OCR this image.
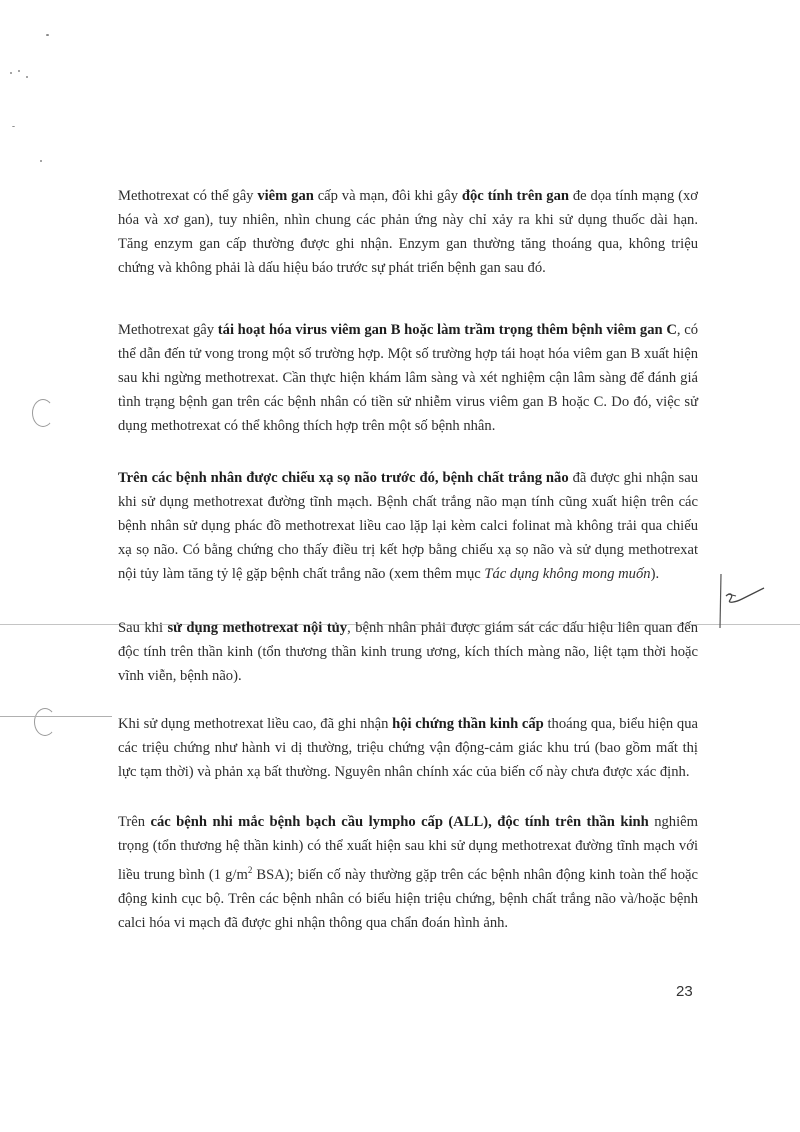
Methotrexat có thể gây viêm gan cấp và mạn, đôi khi gây độc tính trên gan đe dọa tính mạng (xơ hóa và xơ gan), tuy nhiên, nhìn chung các phản ứng này chỉ xảy ra khi sử dụng thuốc dài hạn. Tăng enzym gan cấp thường được ghi nhận. Enzym gan thường tăng thoáng qua, không triệu chứng và không phải là dấu hiệu báo trước sự phát triển bệnh gan sau đó.
Methotrexat gây tái hoạt hóa virus viêm gan B hoặc làm trầm trọng thêm bệnh viêm gan C, có thể dẫn đến tử vong trong một số trường hợp. Một số trường hợp tái hoạt hóa viêm gan B xuất hiện sau khi ngừng methotrexat. Cần thực hiện khám lâm sàng và xét nghiệm cận lâm sàng để đánh giá tình trạng bệnh gan trên các bệnh nhân có tiền sử nhiễm virus viêm gan B hoặc C. Do đó, việc sử dụng methotrexat có thể không thích hợp trên một số bệnh nhân.
Trên các bệnh nhân được chiếu xạ sọ não trước đó, bệnh chất trắng não đã được ghi nhận sau khi sử dụng methotrexat đường tĩnh mạch. Bệnh chất trắng não mạn tính cũng xuất hiện trên các bệnh nhân sử dụng phác đồ methotrexat liều cao lặp lại kèm calci folinat mà không trải qua chiếu xạ sọ não. Có bằng chứng cho thấy điều trị kết hợp bằng chiếu xạ sọ não và sử dụng methotrexat nội tủy làm tăng tỷ lệ gặp bệnh chất trắng não (xem thêm mục Tác dụng không mong muốn).
Sau khi sử dụng methotrexat nội tủy, bệnh nhân phải được giám sát các dấu hiệu liên quan đến độc tính trên thần kinh (tổn thương thần kinh trung ương, kích thích màng não, liệt tạm thời hoặc vĩnh viễn, bệnh não).
Khi sử dụng methotrexat liều cao, đã ghi nhận hội chứng thần kinh cấp thoáng qua, biểu hiện qua các triệu chứng như hành vi dị thường, triệu chứng vận động-cảm giác khu trú (bao gồm mất thị lực tạm thời) và phản xạ bất thường. Nguyên nhân chính xác của biến cố này chưa được xác định.
Trên các bệnh nhi mắc bệnh bạch cầu lympho cấp (ALL), độc tính trên thần kinh nghiêm trọng (tổn thương hệ thần kinh) có thể xuất hiện sau khi sử dụng methotrexat đường tĩnh mạch với liều trung bình (1 $g/m^2$ BSA); biến cố này thường gặp trên các bệnh nhân động kinh toàn thể hoặc động kinh cục bộ. Trên các bệnh nhân có biểu hiện triệu chứng, bệnh chất trắng não và/hoặc bệnh calci hóa vi mạch đã được ghi nhận thông qua chẩn đoán hình ảnh.
23
